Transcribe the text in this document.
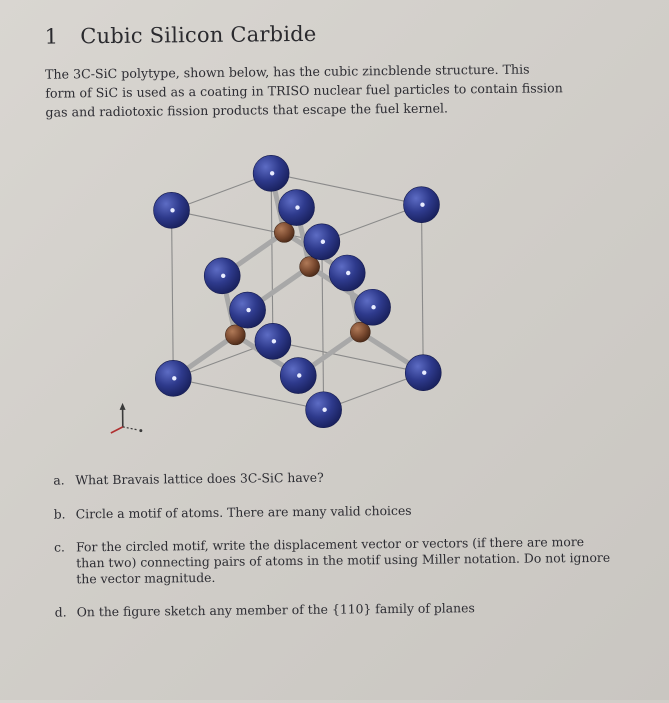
1 Cubic Silicon Carbide
The 3C-SiC polytype, shown below, has the cubic zincblende structure. This
form of SiC is used as a coating in TRISO nuclear fuel particles to contain fission
gas and radiotoxic fission products that escape the fuel kernel.
a. What Bravais lattice does 3C-SiC have?
b. Circle a motif of atoms. There are many valid choices
c. For the circled motif, write the displacement vector or vectors (if there are more than two) connecting pairs of atoms in the motif using Miller notation. Do not ignore the vector magnitude.
d. On the figure sketch any member of the {110} family of planes
